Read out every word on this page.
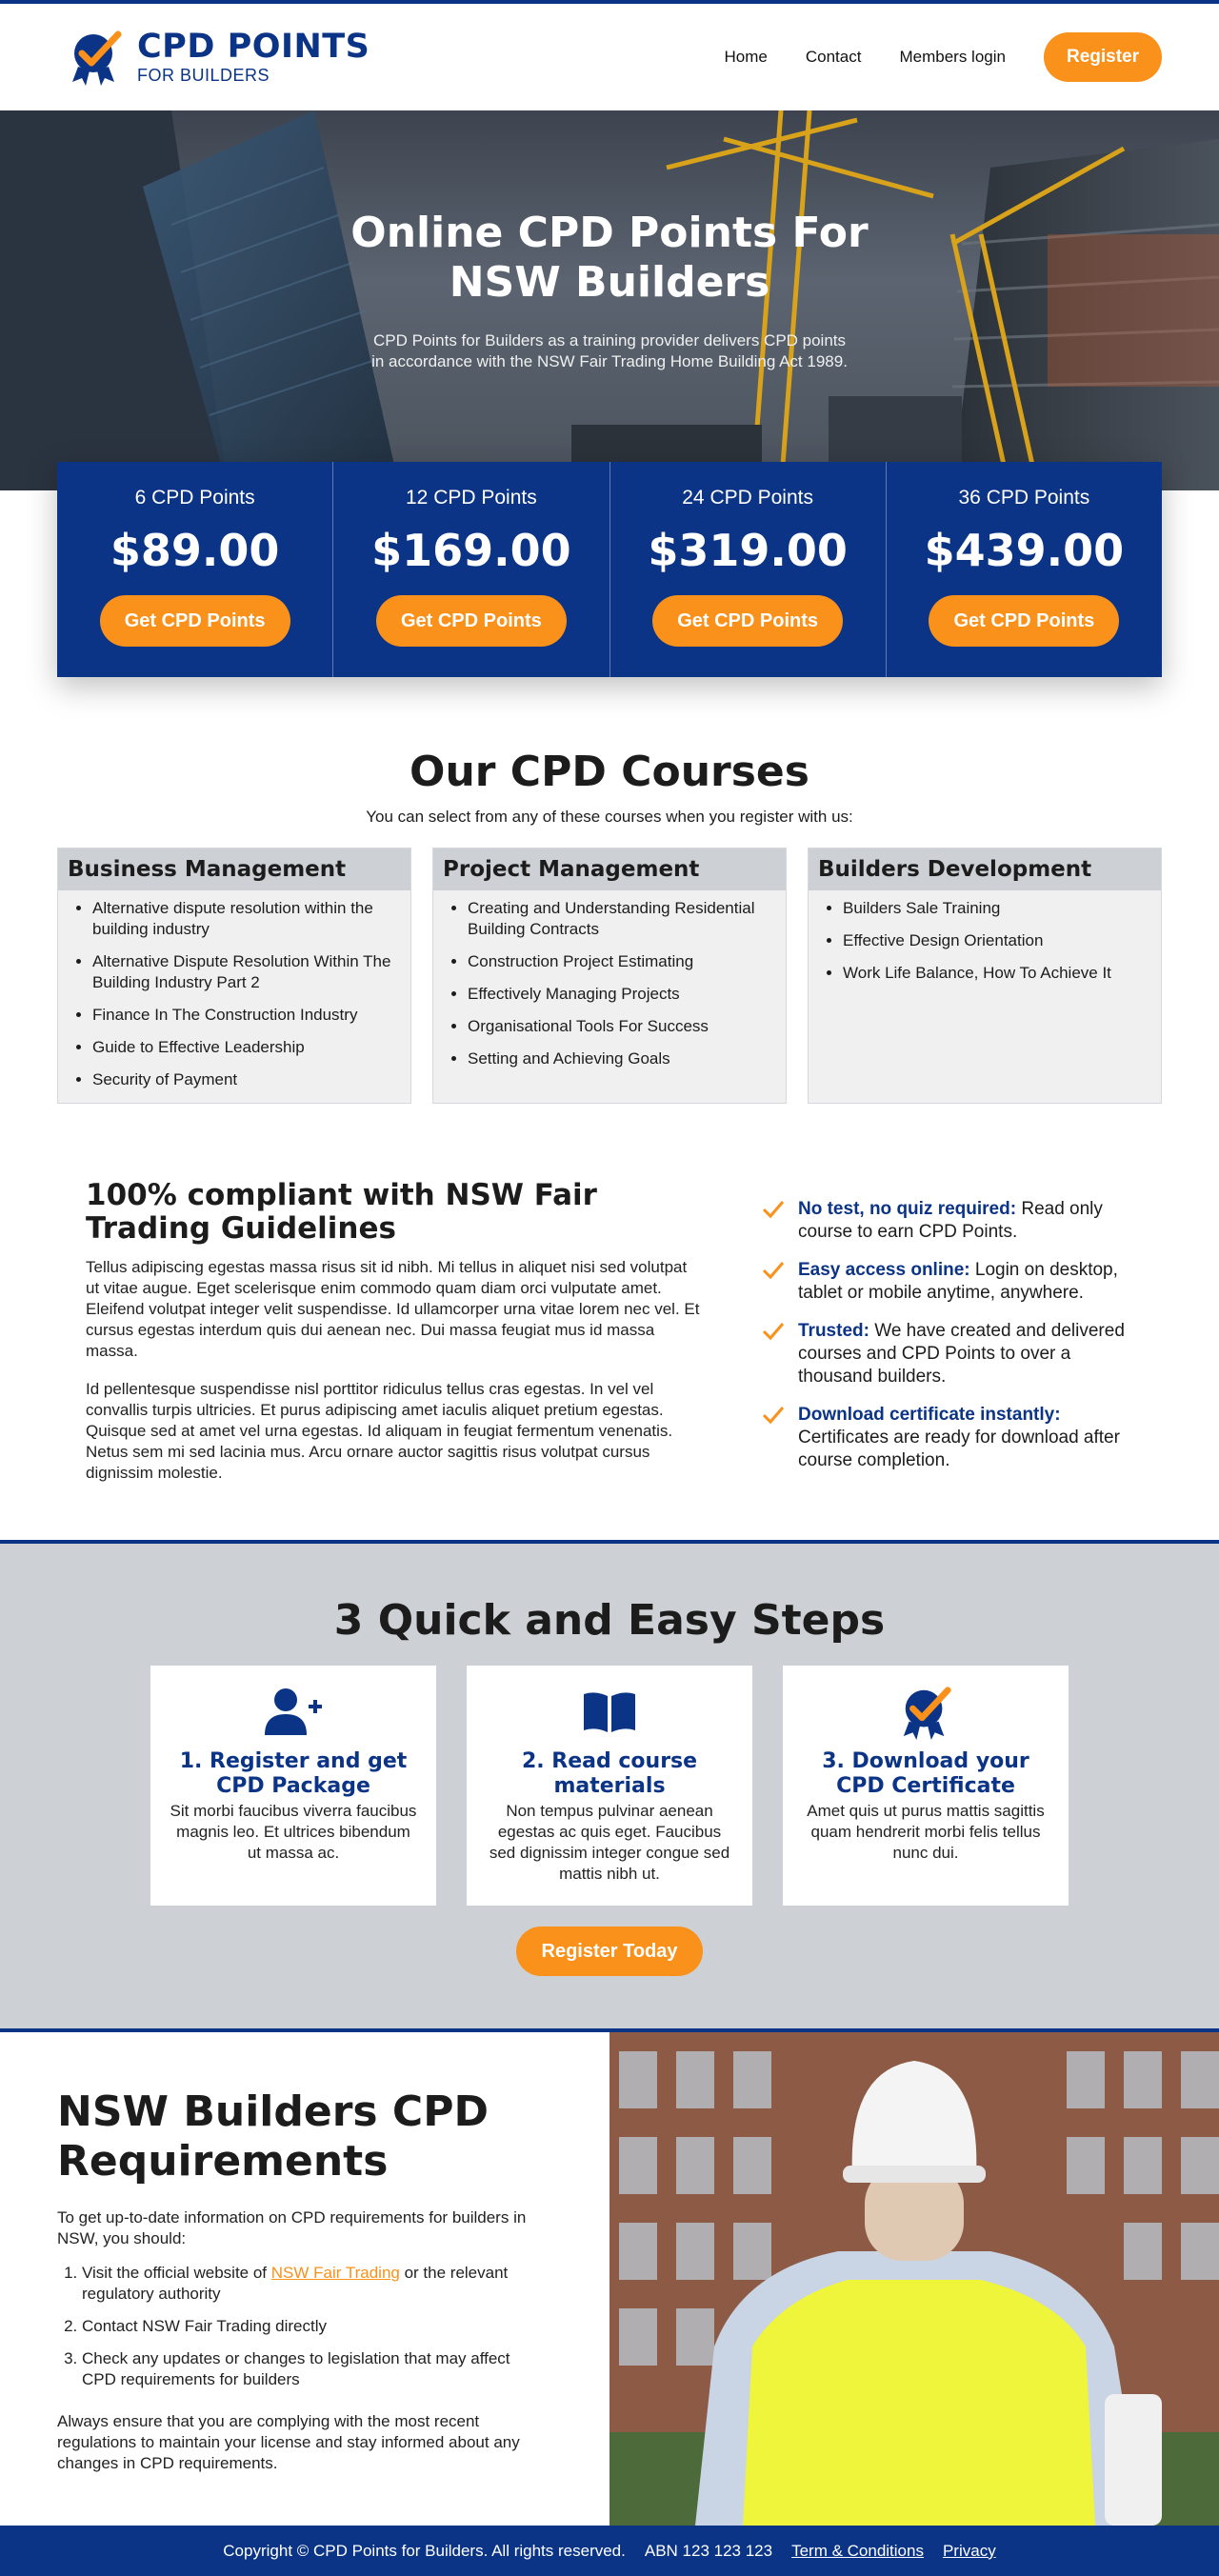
CPD POINTS
FOR BUILDERS
Home Contact Members login	Register
Online CPD Points For NSW Builders

CPD Points for Builders as a training provider delivers CPD points in accordance with the NSW Fair Trading Home Building Act 1989.

6 CPD Points
$89.00
Get CPD Points
12 CPD Points
$169.00
Get CPD Points
24 CPD Points
$319.00
Get CPD Points
36 CPD Points
$439.00
Get CPD Points
Our CPD Courses

You can select from any of these courses when you register with us:

Business Management
• Alternative dispute resolution within the building industry
• Alternative Dispute Resolution Within The Building Industry Part 2
• Finance In The Construction Industry
• Guide to Effective Leadership
• Security of Payment
Project Management
• Creating and Understanding Residential Building Contracts
• Construction Project Estimating
• Effectively Managing Projects
• Organisational Tools For Success
• Setting and Achieving Goals
Builders Development
• Builders Sale Training
• Effective Design Orientation
• Work Life Balance, How To Achieve It
100% compliant with NSW Fair Trading Guidelines

Tellus adipiscing egestas massa risus sit id nibh. Mi tellus in aliquet nisi sed volutpat ut vitae augue. Eget scelerisque enim commodo quam diam orci vulputate amet. Eleifend volutpat integer velit suspendisse. Id ullamcorper urna vitae lorem nec vel. Et cursus egestas interdum quis dui aenean nec. Dui massa feugiat mus id massa massa.

Id pellentesque suspendisse nisl porttitor ridiculus tellus cras egestas. In vel vel convallis turpis ultricies. Et purus adipiscing amet iaculis aliquet pretium egestas. Quisque sed at amet vel urna egestas. Id aliquam in feugiat fermentum venenatis. Netus sem mi sed lacinia mus. Arcu ornare auctor sagittis risus volutpat cursus dignissim molestie.

No test, no quiz required: Read only course to earn CPD Points.
Easy access online: Login on desktop, tablet or mobile anytime, anywhere.
Trusted: We have created and delivered courses and CPD Points to over a thousand builders.
Download certificate instantly: Certificates are ready for download after course completion.
3 Quick and Easy Steps
1. Register and get CPD Package
Sit morbi faucibus viverra faucibus magnis leo. Et ultrices bibendum ut massa ac.
2. Read course materials
Non tempus pulvinar aenean egestas ac quis eget. Faucibus sed dignissim integer congue sed mattis nibh ut.
3. Download your CPD Certificate
Amet quis ut purus mattis sagittis quam hendrerit morbi felis tellus nunc dui.
Register Today
NSW Builders CPD Requirements

To get up-to-date information on CPD requirements for builders in NSW, you should:

1. Visit the official website of NSW Fair Trading or the relevant regulatory authority
2. Contact NSW Fair Trading directly
3. Check any updates or changes to legislation that may affect CPD requirements for builders

Always ensure that you are complying with the most recent regulations to maintain your license and stay informed about any changes in CPD requirements.

Copyright © CPD Points for Builders. All rights reserved. ABN 123 123 123 Term & Conditions Privacy
